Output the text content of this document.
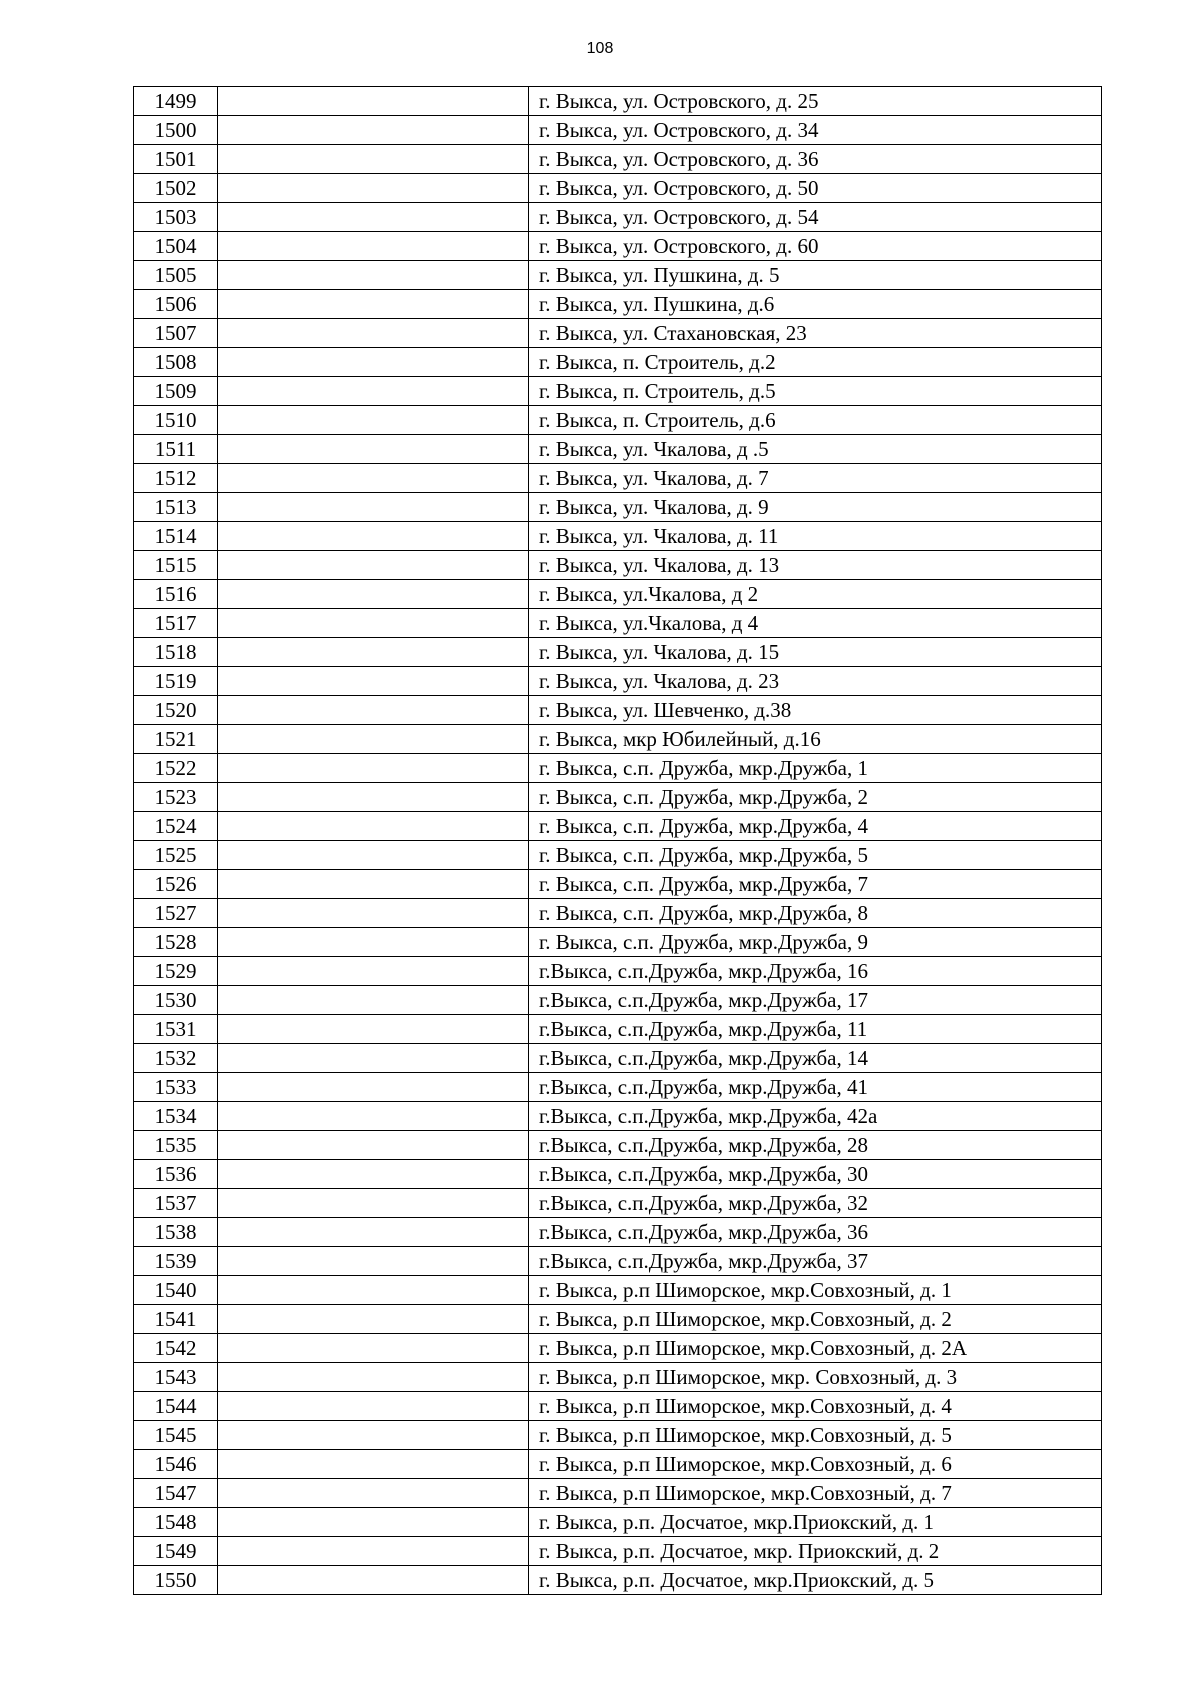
108
1499		г. Выкса, ул. Островского, д. 25
1500		г. Выкса, ул. Островского, д. 34
1501		г. Выкса, ул. Островского, д. 36
1502		г. Выкса, ул. Островского, д. 50
1503		г. Выкса, ул. Островского, д. 54
1504		г. Выкса, ул. Островского, д. 60
1505		г. Выкса, ул. Пушкина, д. 5
1506		г. Выкса, ул. Пушкина, д.6
1507		г. Выкса, ул. Стахановская, 23
1508		г. Выкса, п. Строитель, д.2
1509		г. Выкса, п. Строитель, д.5
1510		г. Выкса, п. Строитель, д.6
1511		г. Выкса, ул. Чкалова, д .5
1512		г. Выкса, ул. Чкалова, д. 7
1513		г. Выкса, ул. Чкалова, д. 9
1514		г. Выкса, ул. Чкалова, д. 11
1515		г. Выкса, ул. Чкалова, д. 13
1516		г. Выкса, ул.Чкалова, д 2
1517		г. Выкса, ул.Чкалова, д 4
1518		г. Выкса, ул. Чкалова, д. 15
1519		г. Выкса, ул. Чкалова, д. 23
1520		г. Выкса, ул. Шевченко, д.38
1521		г. Выкса, мкр Юбилейный, д.16
1522		г. Выкса, с.п. Дружба, мкр.Дружба, 1
1523		г. Выкса, с.п. Дружба, мкр.Дружба, 2
1524		г. Выкса, с.п. Дружба, мкр.Дружба, 4
1525		г. Выкса, с.п. Дружба, мкр.Дружба, 5
1526		г. Выкса, с.п. Дружба, мкр.Дружба, 7
1527		г. Выкса, с.п. Дружба, мкр.Дружба, 8
1528		г. Выкса, с.п. Дружба, мкр.Дружба, 9
1529		г.Выкса, с.п.Дружба, мкр.Дружба, 16
1530		г.Выкса, с.п.Дружба, мкр.Дружба, 17
1531		г.Выкса, с.п.Дружба, мкр.Дружба, 11
1532		г.Выкса, с.п.Дружба, мкр.Дружба, 14
1533		г.Выкса, с.п.Дружба, мкр.Дружба, 41
1534		г.Выкса, с.п.Дружба, мкр.Дружба, 42а
1535		г.Выкса, с.п.Дружба, мкр.Дружба, 28
1536		г.Выкса, с.п.Дружба, мкр.Дружба, 30
1537		г.Выкса, с.п.Дружба, мкр.Дружба, 32
1538		г.Выкса, с.п.Дружба, мкр.Дружба, 36
1539		г.Выкса, с.п.Дружба, мкр.Дружба, 37
1540		г. Выкса, р.п Шиморское, мкр.Совхозный, д. 1
1541		г. Выкса, р.п Шиморское, мкр.Совхозный, д. 2
1542		г. Выкса, р.п Шиморское, мкр.Совхозный, д. 2А
1543		г. Выкса, р.п Шиморское, мкр. Совхозный, д. 3
1544		г. Выкса, р.п Шиморское, мкр.Совхозный, д. 4
1545		г. Выкса, р.п Шиморское, мкр.Совхозный, д. 5
1546		г. Выкса, р.п Шиморское, мкр.Совхозный, д. 6
1547		г. Выкса, р.п Шиморское, мкр.Совхозный, д. 7
1548		г. Выкса, р.п. Досчатое, мкр.Приокский, д. 1
1549		г. Выкса, р.п. Досчатое, мкр. Приокский, д. 2
1550		г. Выкса, р.п. Досчатое, мкр.Приокский, д. 5
